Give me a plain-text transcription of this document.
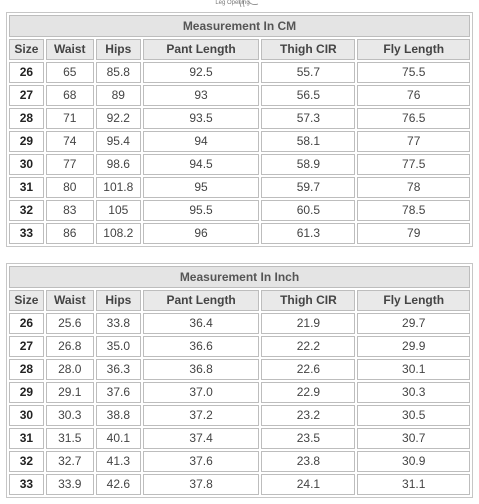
Leg Opening
Measurement In CM					
Size	Waist	Hips	Pant Length	Thigh CIR	Fly Length
26	65	85.8	92.5	55.7	75.5
27	68	89	93	56.5	76
28	71	92.2	93.5	57.3	76.5
29	74	95.4	94	58.1	77
30	77	98.6	94.5	58.9	77.5
31	80	101.8	95	59.7	78
32	83	105	95.5	60.5	78.5
33	86	108.2	96	61.3	79
Measurement In Inch					
Size	Waist	Hips	Pant Length	Thigh CIR	Fly Length
26	25.6	33.8	36.4	21.9	29.7
27	26.8	35.0	36.6	22.2	29.9
28	28.0	36.3	36.8	22.6	30.1
29	29.1	37.6	37.0	22.9	30.3
30	30.3	38.8	37.2	23.2	30.5
31	31.5	40.1	37.4	23.5	30.7
32	32.7	41.3	37.6	23.8	30.9
33	33.9	42.6	37.8	24.1	31.1
